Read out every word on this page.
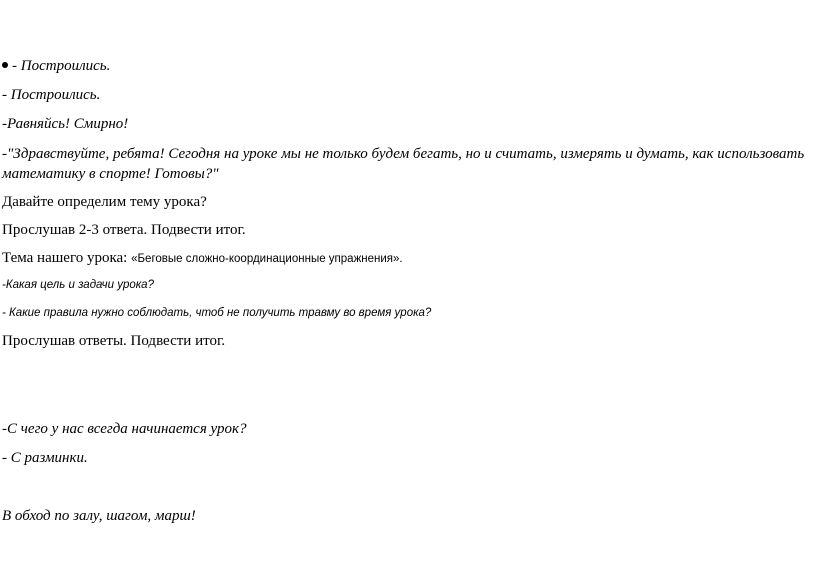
- Построились.
- Построились.
-Равняйсь! Смирно!
-"Здравствуйте, ребята! Сегодня на уроке мы не только будем бегать, но и считать, измерять и думать, как использовать математику в спорте! Готовы?"
Давайте определим тему урока?
Прослушав 2-3 ответа. Подвести итог.
Тема нашего урока: «Беговые сложно-координационные упражнения».
-Какая цель и задачи урока?
- Какие правила нужно соблюдать, чтоб не получить травму во время урока?
Прослушав ответы. Подвести итог.
-С чего у нас всегда начинается урок?
- С разминки.
В обход по залу, шагом, марш!
